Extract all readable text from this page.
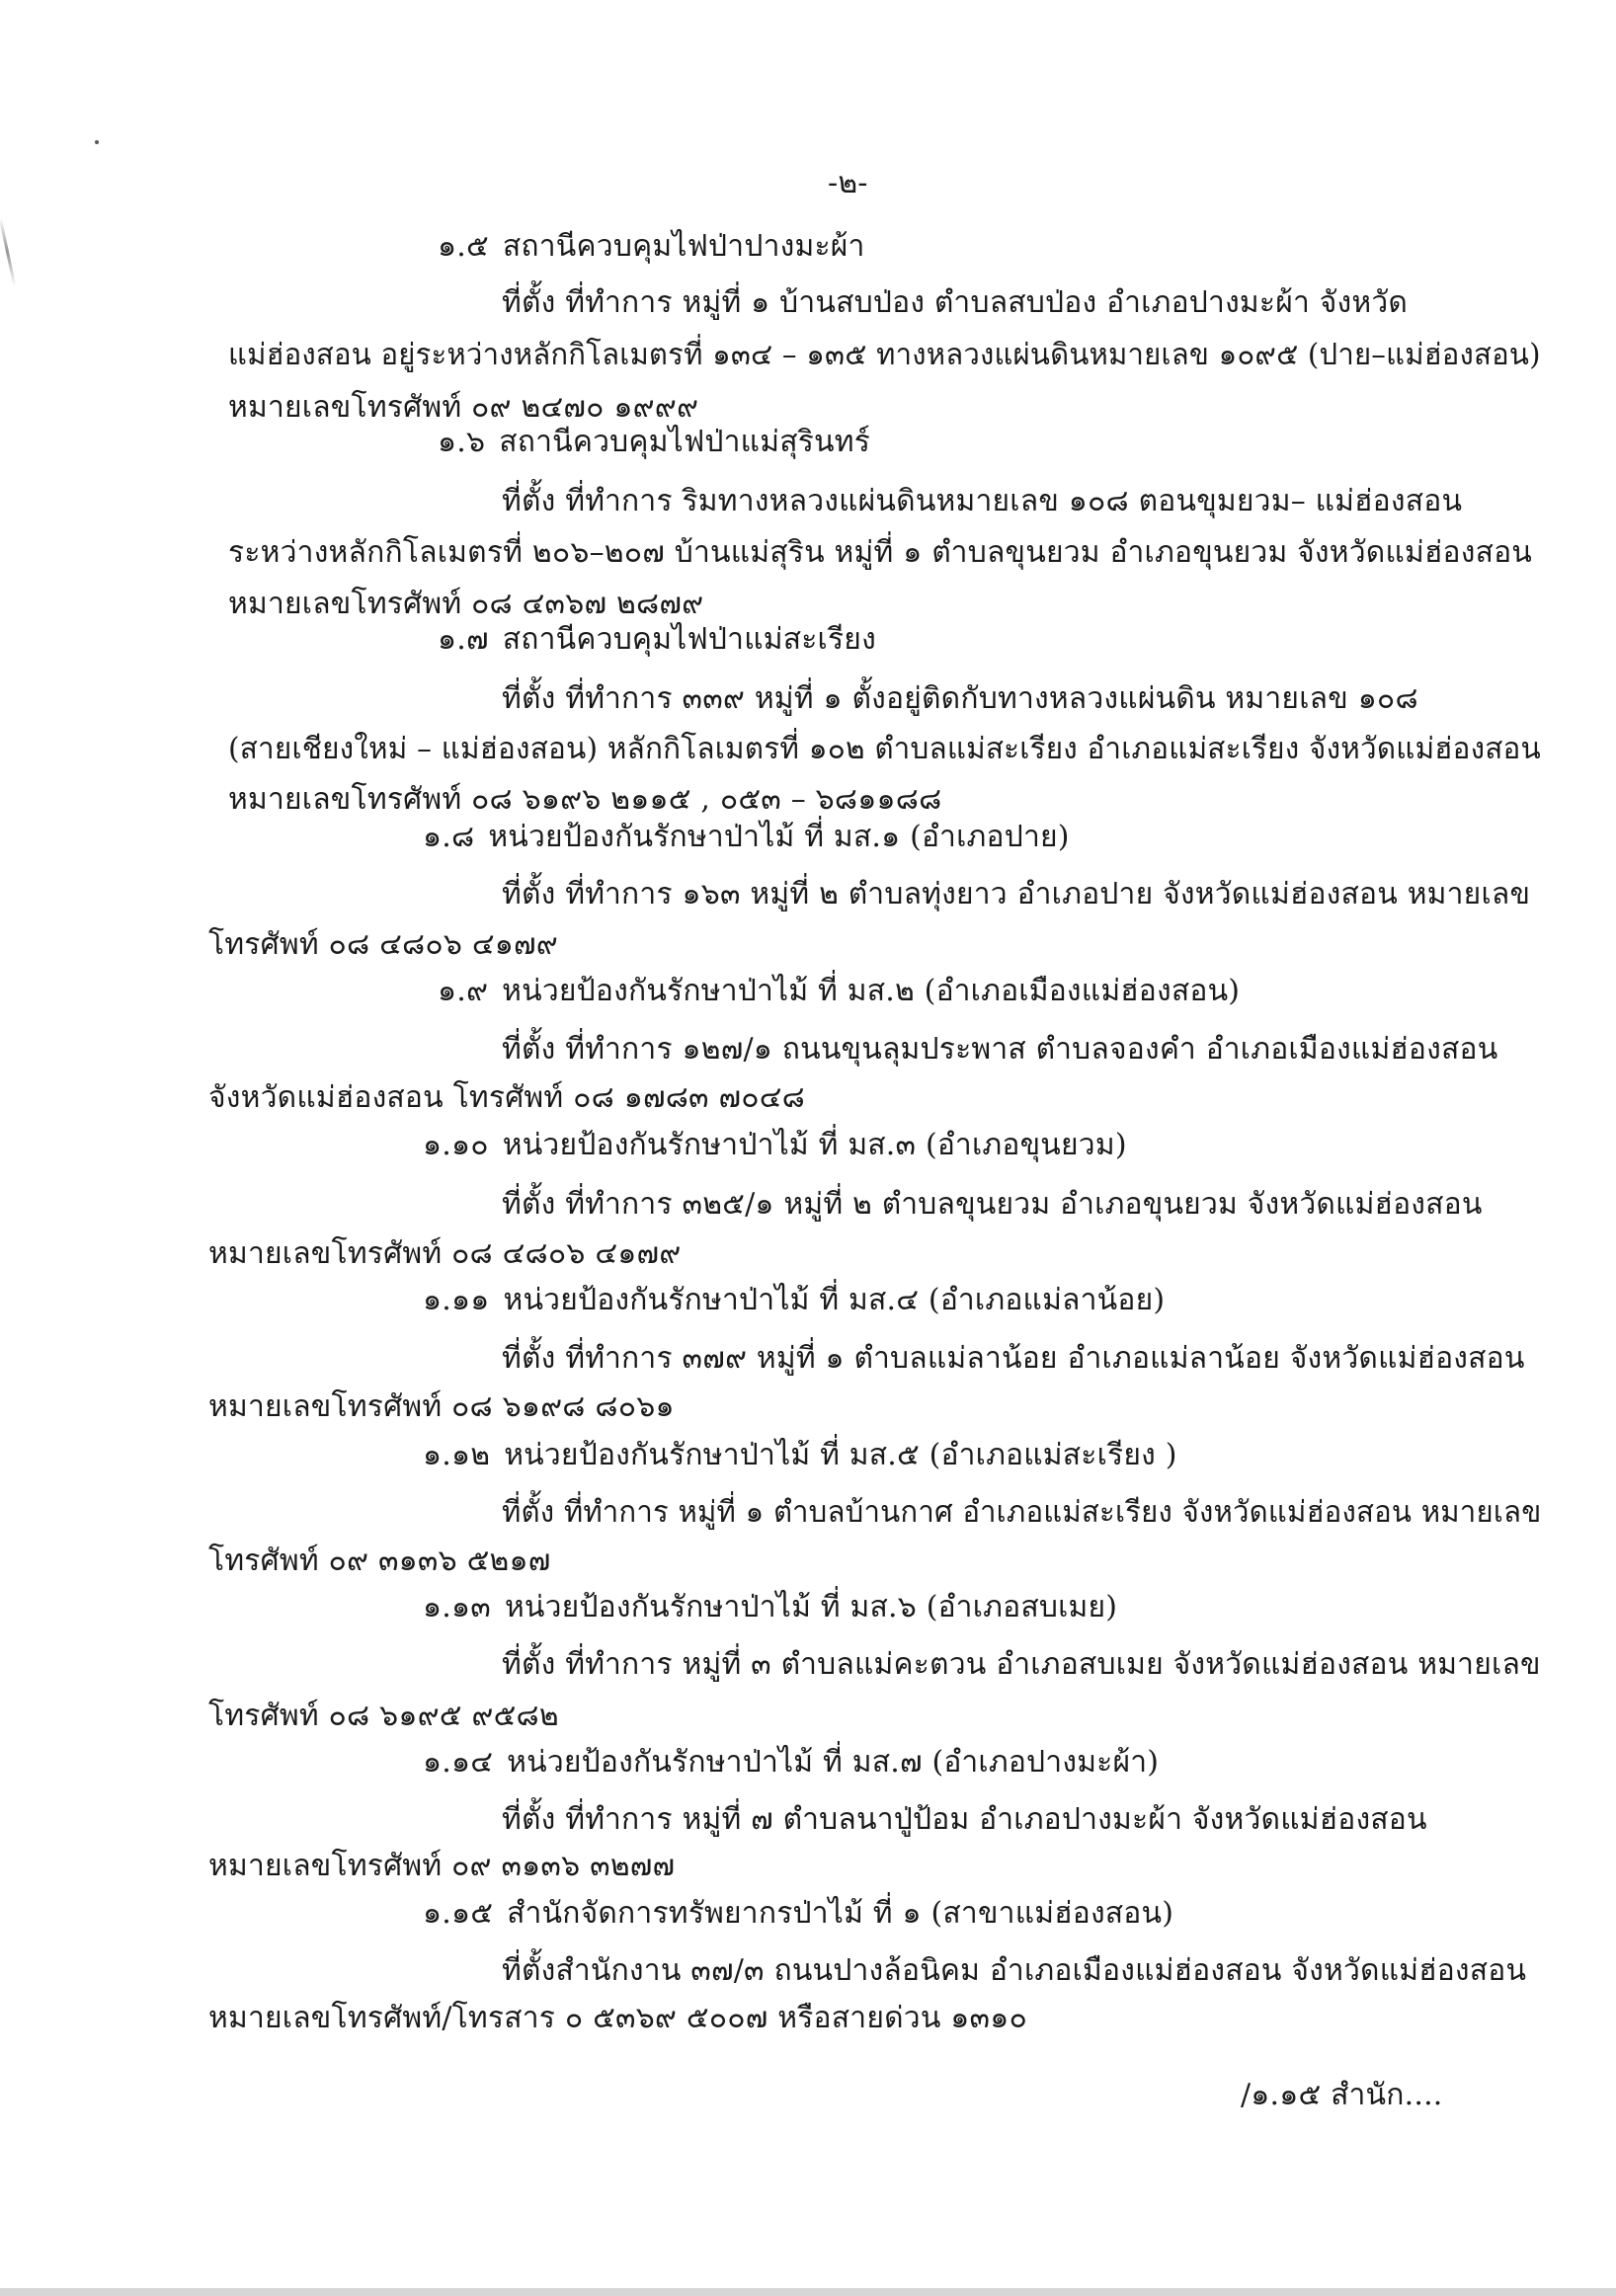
-๒-
๑.๕ สถานีควบคุมไฟป่าปางมะผ้า
ที่ตั้ง ที่ทำการ หมู่ที่ ๑ บ้านสบป่อง ตำบลสบป่อง อำเภอปางมะผ้า จังหวัด
แม่ฮ่องสอน อยู่ระหว่างหลักกิโลเมตรที่ ๑๓๔ – ๑๓๕ ทางหลวงแผ่นดินหมายเลข ๑๐๙๕ (ปาย–แม่ฮ่องสอน)
หมายเลขโทรศัพท์ ๐๙ ๒๔๗๐ ๑๙๙๙
๑.๖ สถานีควบคุมไฟป่าแม่สุรินทร์
ที่ตั้ง ที่ทำการ ริมทางหลวงแผ่นดินหมายเลข ๑๐๘ ตอนขุมยวม– แม่ฮ่องสอน
ระหว่างหลักกิโลเมตรที่ ๒๐๖–๒๐๗ บ้านแม่สุริน หมู่ที่ ๑ ตำบลขุนยวม อำเภอขุนยวม จังหวัดแม่ฮ่องสอน
หมายเลขโทรศัพท์ ๐๘ ๔๓๖๗ ๒๘๗๙
๑.๗ สถานีควบคุมไฟป่าแม่สะเรียง
ที่ตั้ง ที่ทำการ ๓๓๙ หมู่ที่ ๑ ตั้งอยู่ติดกับทางหลวงแผ่นดิน หมายเลข ๑๐๘
(สายเชียงใหม่ – แม่ฮ่องสอน) หลักกิโลเมตรที่ ๑๐๒ ตำบลแม่สะเรียง อำเภอแม่สะเรียง จังหวัดแม่ฮ่องสอน
หมายเลขโทรศัพท์ ๐๘ ๖๑๙๖ ๒๑๑๕ , ๐๕๓ – ๖๘๑๑๘๘
๑.๘ หน่วยป้องกันรักษาป่าไม้ ที่ มส.๑ (อำเภอปาย)
ที่ตั้ง ที่ทำการ ๑๖๓ หมู่ที่ ๒ ตำบลทุ่งยาว อำเภอปาย จังหวัดแม่ฮ่องสอน หมายเลข
โทรศัพท์ ๐๘ ๔๘๐๖ ๔๑๗๙
๑.๙ หน่วยป้องกันรักษาป่าไม้ ที่ มส.๒ (อำเภอเมืองแม่ฮ่องสอน)
ที่ตั้ง ที่ทำการ ๑๒๗/๑ ถนนขุนลุมประพาส ตำบลจองคำ อำเภอเมืองแม่ฮ่องสอน
จังหวัดแม่ฮ่องสอน โทรศัพท์ ๐๘ ๑๗๘๓ ๗๐๔๘
๑.๑๐ หน่วยป้องกันรักษาป่าไม้ ที่ มส.๓ (อำเภอขุนยวม)
ที่ตั้ง ที่ทำการ ๓๒๕/๑ หมู่ที่ ๒ ตำบลขุนยวม อำเภอขุนยวม จังหวัดแม่ฮ่องสอน
หมายเลขโทรศัพท์ ๐๘ ๔๘๐๖ ๔๑๗๙
๑.๑๑ หน่วยป้องกันรักษาป่าไม้ ที่ มส.๔ (อำเภอแม่ลาน้อย)
ที่ตั้ง ที่ทำการ ๓๗๙ หมู่ที่ ๑ ตำบลแม่ลาน้อย อำเภอแม่ลาน้อย จังหวัดแม่ฮ่องสอน
หมายเลขโทรศัพท์ ๐๘ ๖๑๙๘ ๘๐๖๑
๑.๑๒ หน่วยป้องกันรักษาป่าไม้ ที่ มส.๕ (อำเภอแม่สะเรียง )
ที่ตั้ง ที่ทำการ หมู่ที่ ๑ ตำบลบ้านกาศ อำเภอแม่สะเรียง จังหวัดแม่ฮ่องสอน หมายเลข
โทรศัพท์ ๐๙ ๓๑๓๖ ๕๒๑๗
๑.๑๓ หน่วยป้องกันรักษาป่าไม้ ที่ มส.๖ (อำเภอสบเมย)
ที่ตั้ง ที่ทำการ หมู่ที่ ๓ ตำบลแม่คะตวน อำเภอสบเมย จังหวัดแม่ฮ่องสอน หมายเลข
โทรศัพท์ ๐๘ ๖๑๙๕ ๙๕๘๒
๑.๑๔ หน่วยป้องกันรักษาป่าไม้ ที่ มส.๗ (อำเภอปางมะผ้า)
ที่ตั้ง ที่ทำการ หมู่ที่ ๗ ตำบลนาปู่ป้อม อำเภอปางมะผ้า จังหวัดแม่ฮ่องสอน
หมายเลขโทรศัพท์ ๐๙ ๓๑๓๖ ๓๒๗๗
๑.๑๕ สำนักจัดการทรัพยากรป่าไม้ ที่ ๑ (สาขาแม่ฮ่องสอน)
ที่ตั้งสำนักงาน ๓๗/๓ ถนนปางล้อนิคม อำเภอเมืองแม่ฮ่องสอน จังหวัดแม่ฮ่องสอน
หมายเลขโทรศัพท์/โทรสาร ๐ ๕๓๖๙ ๕๐๐๗ หรือสายด่วน ๑๓๑๐
/๑.๑๕ สำนัก....
